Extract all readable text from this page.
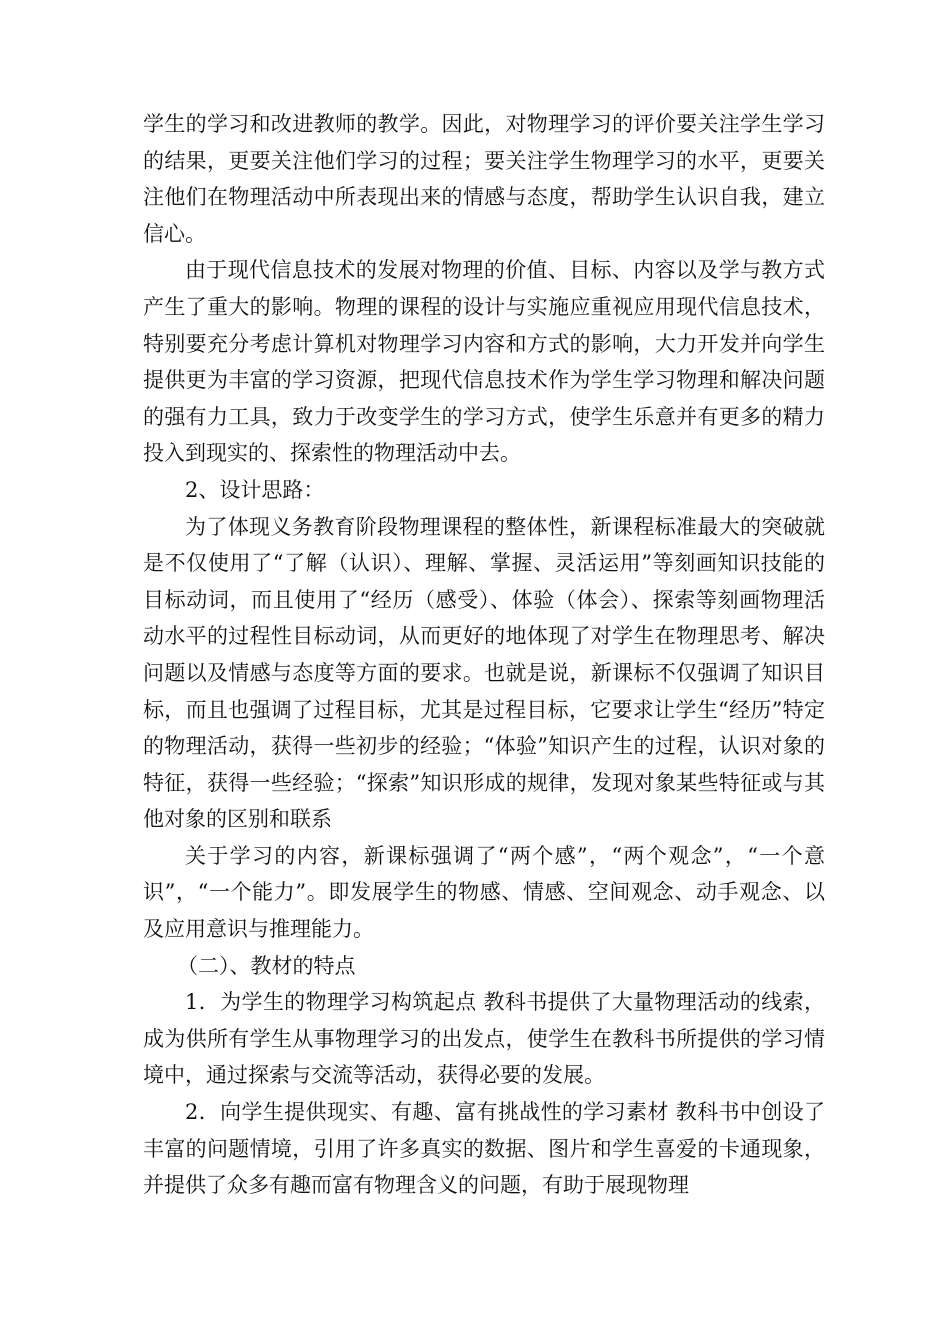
学生的学习和改进教师的教学。因此，对物理学习的评价要关注学生学习的结果，更要关注他们学习的过程；要关注学生物理学习的水平，更要关注他们在物理活动中所表现出来的情感与态度，帮助学生认识自我，建立信心。

由于现代信息技术的发展对物理的价值、目标、内容以及学与教方式产生了重大的影响。物理的课程的设计与实施应重视应用现代信息技术，特别要充分考虑计算机对物理学习内容和方式的影响，大力开发并向学生提供更为丰富的学习资源，把现代信息技术作为学生学习物理和解决问题的强有力工具，致力于改变学生的学习方式，使学生乐意并有更多的精力投入到现实的、探索性的物理活动中去。

2、设计思路：

为了体现义务教育阶段物理课程的整体性，新课程标准最大的突破就是不仅使用了“了解（认识）、理解、掌握、灵活运用”等刻画知识技能的目标动词，而且使用了“经历（感受）、体验（体会）、探索等刻画物理活动水平的过程性目标动词，从而更好的地体现了对学生在物理思考、解决问题以及情感与态度等方面的要求。也就是说，新课标不仅强调了知识目标，而且也强调了过程目标，尤其是过程目标，它要求让学生“经历”特定的物理活动，获得一些初步的经验；“体验”知识产生的过程，认识对象的特征，获得一些经验；“探索”知识形成的规律，发现对象某些特征或与其他对象的区别和联系

关于学习的内容，新课标强调了“两个感”，“两个观念”，“一个意识”，“一个能力”。即发展学生的物感、情感、空间观念、动手观念、以及应用意识与推理能力。

（二）、教材的特点

1．为学生的物理学习构筑起点 教科书提供了大量物理活动的线索，成为供所有学生从事物理学习的出发点，使学生在教科书所提供的学习情境中，通过探索与交流等活动，获得必要的发展。

2．向学生提供现实、有趣、富有挑战性的学习素材 教科书中创设了丰富的问题情境，引用了许多真实的数据、图片和学生喜爱的卡通现象，并提供了众多有趣而富有物理含义的问题，有助于展现物理
